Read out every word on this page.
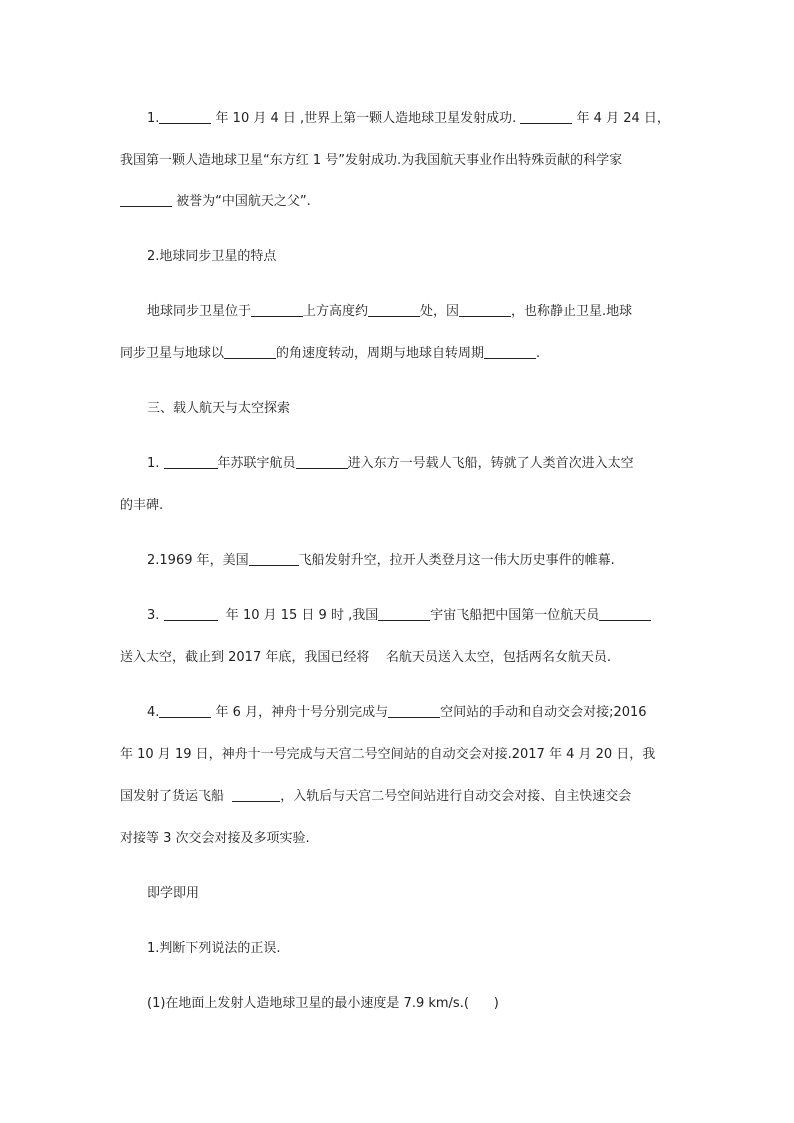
1.	年 10 月 4 日 ,世界上第一颗人造地球卫星发射成功.	年 4 月 24 日，
我国第一颗人造地球卫星“东方红 1 号”发射成功.为我国航天事业作出特殊贡献的科学家
被誉为“中国航天之父”.
2.地球同步卫星的特点
地球同步卫星位于	上方高度约	处，因	，也称静止卫星.地球
同步卫星与地球以	的角速度转动，周期与地球自转周期	.
三、载人航天与太空探索
1.	年苏联宇航员	进入东方一号载人飞船，铸就了人类首次进入太空
的丰碑.
2.1969 年，美国	飞船发射升空，拉开人类登月这一伟大历史事件的帷幕.
3.	年 10 月 15 日 9 时 ,我国	宇宙飞船把中国第一位航天员
送入太空，截止到 2017 年底，我国已经将    名航天员送入太空，包括两名女航天员.
4.	年 6 月，神舟十号分别完成与	空间站的手动和自动交会对接;2016
年 10 月 19 日，神舟十一号完成与天宫二号空间站的自动交会对接.2017 年 4 月 20 日，我
国发射了货运飞船	，入轨后与天宫二号空间站进行自动交会对接、自主快速交会
对接等 3 次交会对接及多项实验.
即学即用
1.判断下列说法的正误.
(1)在地面上发射人造地球卫星的最小速度是 7.9 km/s.(      )
